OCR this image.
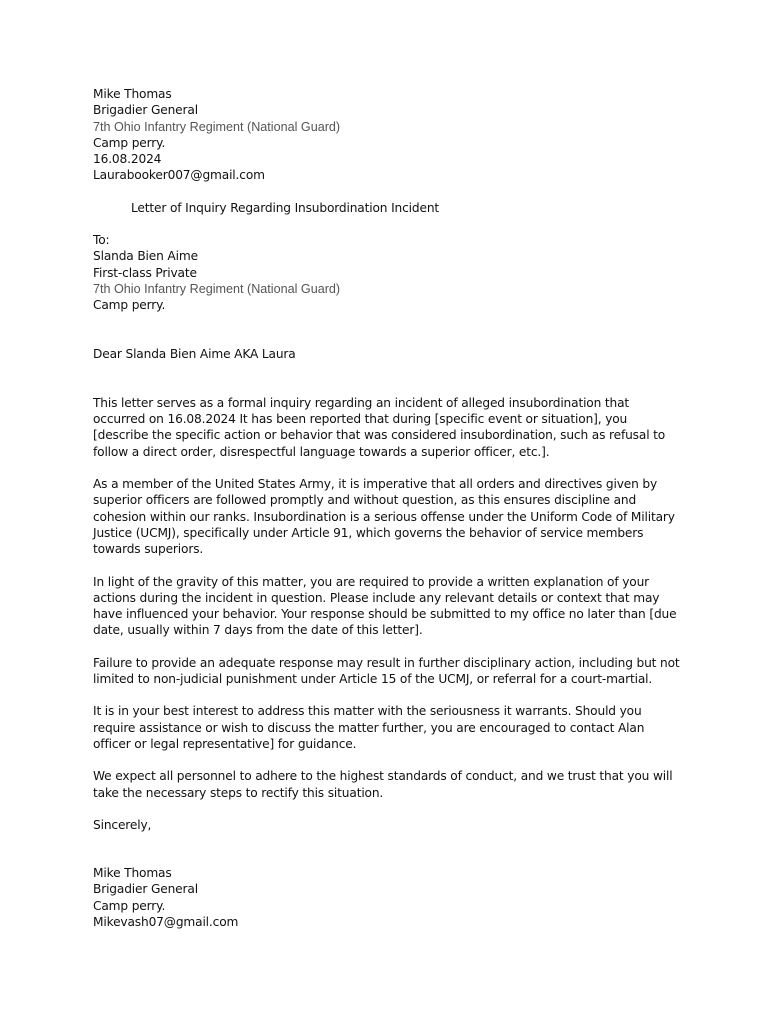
Mike Thomas
Brigadier General
7th Ohio Infantry Regiment (National Guard)
Camp perry.
16.08.2024
Laurabooker007@gmail.com
Letter of Inquiry Regarding Insubordination Incident
To:
Slanda Bien Aime
First-class Private
7th Ohio Infantry Regiment (National Guard)
Camp perry.
Dear Slanda Bien Aime AKA Laura

This letter serves as a formal inquiry regarding an incident of alleged insubordination that occurred on 16.08.2024 It has been reported that during [specific event or situation], you [describe the specific action or behavior that was considered insubordination, such as refusal to follow a direct order, disrespectful language towards a superior officer, etc.].

As a member of the United States Army, it is imperative that all orders and directives given by superior officers are followed promptly and without question, as this ensures discipline and cohesion within our ranks. Insubordination is a serious offense under the Uniform Code of Military Justice (UCMJ), specifically under Article 91, which governs the behavior of service members towards superiors.

In light of the gravity of this matter, you are required to provide a written explanation of your actions during the incident in question. Please include any relevant details or context that may have influenced your behavior. Your response should be submitted to my office no later than [due date, usually within 7 days from the date of this letter].

Failure to provide an adequate response may result in further disciplinary action, including but not limited to non-judicial punishment under Article 15 of the UCMJ, or referral for a court-martial.

It is in your best interest to address this matter with the seriousness it warrants. Should you require assistance or wish to discuss the matter further, you are encouraged to contact Alan officer or legal representative] for guidance.

We expect all personnel to adhere to the highest standards of conduct, and we trust that you will take the necessary steps to rectify this situation.

Sincerely,
Mike Thomas
Brigadier General
Camp perry.
Mikevash07@gmail.com
